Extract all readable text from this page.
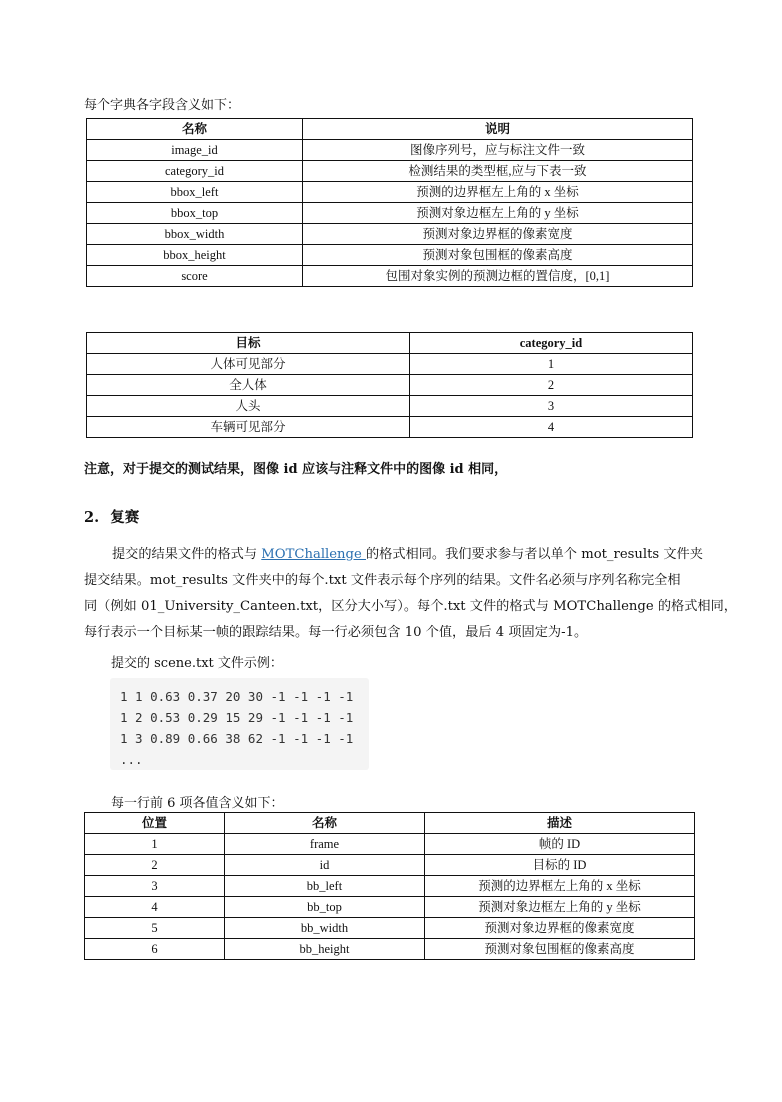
每个字典各字段含义如下：

名称	说明
image_id	图像序列号，应与标注文件一致
category_id	检测结果的类型框,应与下表一致
bbox_left	预测的边界框左上角的 x 坐标
bbox_top	预测对象边框左上角的 y 坐标
bbox_width	预测对象边界框的像素宽度
bbox_height	预测对象包围框的像素高度
score	包围对象实例的预测边框的置信度，[0,1]
目标	category_id
人体可见部分	1
全人体	2
人头	3
车辆可见部分	4

注意，对于提交的测试结果，图像 id 应该与注释文件中的图像 id 相同，

2. 复赛

提交的结果文件的格式与 MOTChallenge 的格式相同。我们要求参与者以单个 mot_results 文件夹

提交结果。mot_results 文件夹中的每个.txt 文件表示每个序列的结果。文件名必须与序列名称完全相

同（例如 01_University_Canteen.txt，区分大小写）。每个.txt 文件的格式与 MOTChallenge 的格式相同，

每行表示一个目标某一帧的跟踪结果。每一行必须包含 10 个值，最后 4 项固定为-1。

提交的 scene.txt 文件示例：

1 1 0.63 0.37 20 30 -1 -1 -1 -1
1 2 0.53 0.29 15 29 -1 -1 -1 -1
1 3 0.89 0.66 38 62 -1 -1 -1 -1
...

每一行前 6 项各值含义如下：

位置	名称	描述
1	frame	帧的 ID
2	id	目标的 ID
3	bb_left	预测的边界框左上角的 x 坐标
4	bb_top	预测对象边框左上角的 y 坐标
5	bb_width	预测对象边界框的像素宽度
6	bb_height	预测对象包围框的像素高度
